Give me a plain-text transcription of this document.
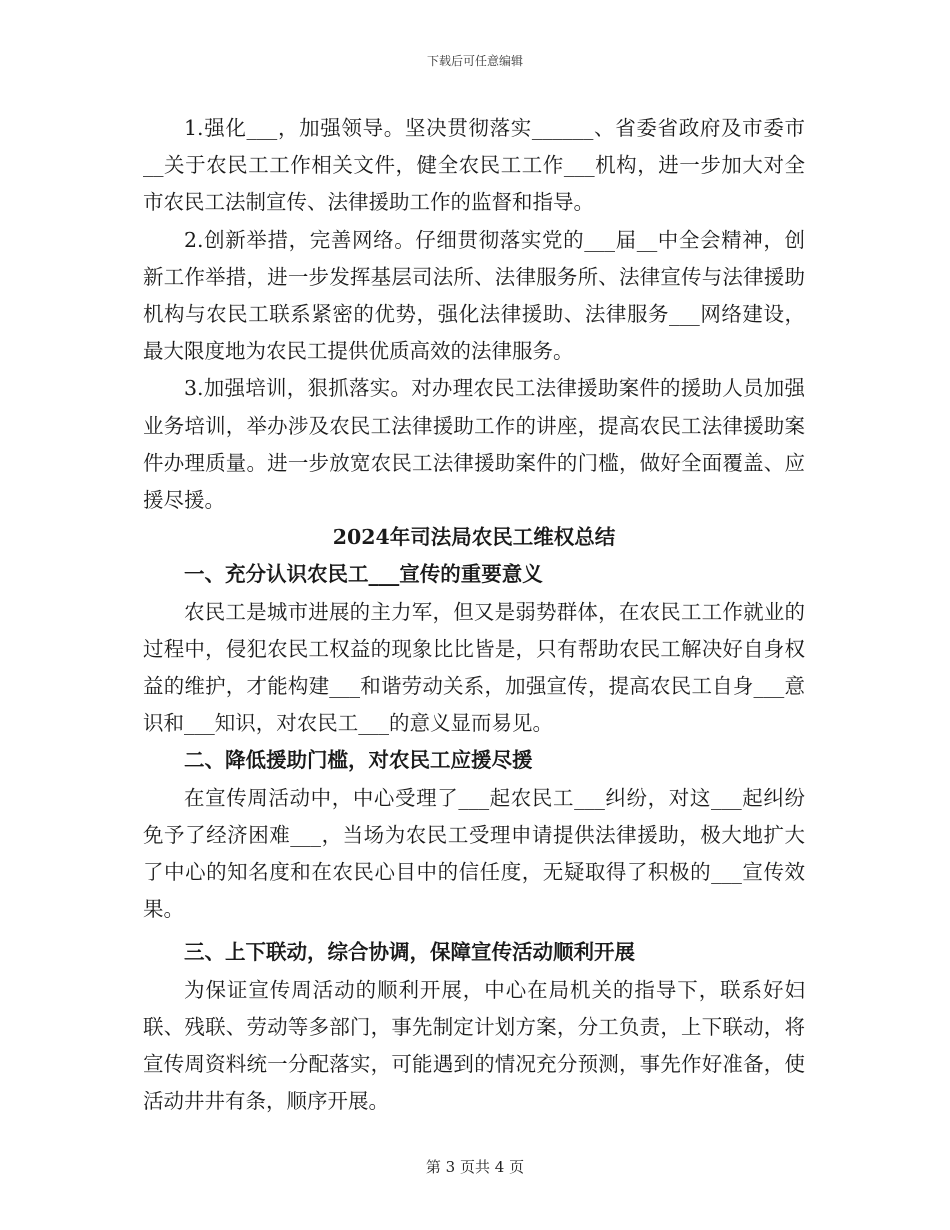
下载后可任意编辑

1.强化___，加强领导。坚决贯彻落实______、省委省政府及市委市__关于农民工工作相关文件，健全农民工工作___机构，进一步加大对全市农民工法制宣传、法律援助工作的监督和指导。

2.创新举措，完善网络。仔细贯彻落实党的___届__中全会精神，创新工作举措，进一步发挥基层司法所、法律服务所、法律宣传与法律援助机构与农民工联系紧密的优势，强化法律援助、法律服务___网络建设，最大限度地为农民工提供优质高效的法律服务。

3.加强培训，狠抓落实。对办理农民工法律援助案件的援助人员加强业务培训，举办涉及农民工法律援助工作的讲座，提高农民工法律援助案件办理质量。进一步放宽农民工法律援助案件的门槛，做好全面覆盖、应援尽援。

2024年司法局农民工维权总结

一、充分认识农民工___宣传的重要意义

农民工是城市进展的主力军，但又是弱势群体，在农民工工作就业的过程中，侵犯农民工权益的现象比比皆是，只有帮助农民工解决好自身权益的维护，才能构建___和谐劳动关系，加强宣传，提高农民工自身___意识和___知识，对农民工___的意义显而易见。

二、降低援助门槛，对农民工应援尽援

在宣传周活动中，中心受理了___起农民工___纠纷，对这___起纠纷免予了经济困难___，当场为农民工受理申请提供法律援助，极大地扩大了中心的知名度和在农民心目中的信任度，无疑取得了积极的___宣传效果。

三、上下联动，综合协调，保障宣传活动顺利开展

为保证宣传周活动的顺利开展，中心在局机关的指导下，联系好妇联、残联、劳动等多部门，事先制定计划方案，分工负责，上下联动，将宣传周资料统一分配落实，可能遇到的情况充分预测，事先作好准备，使活动井井有条，顺序开展。

第 3 页共 4 页
